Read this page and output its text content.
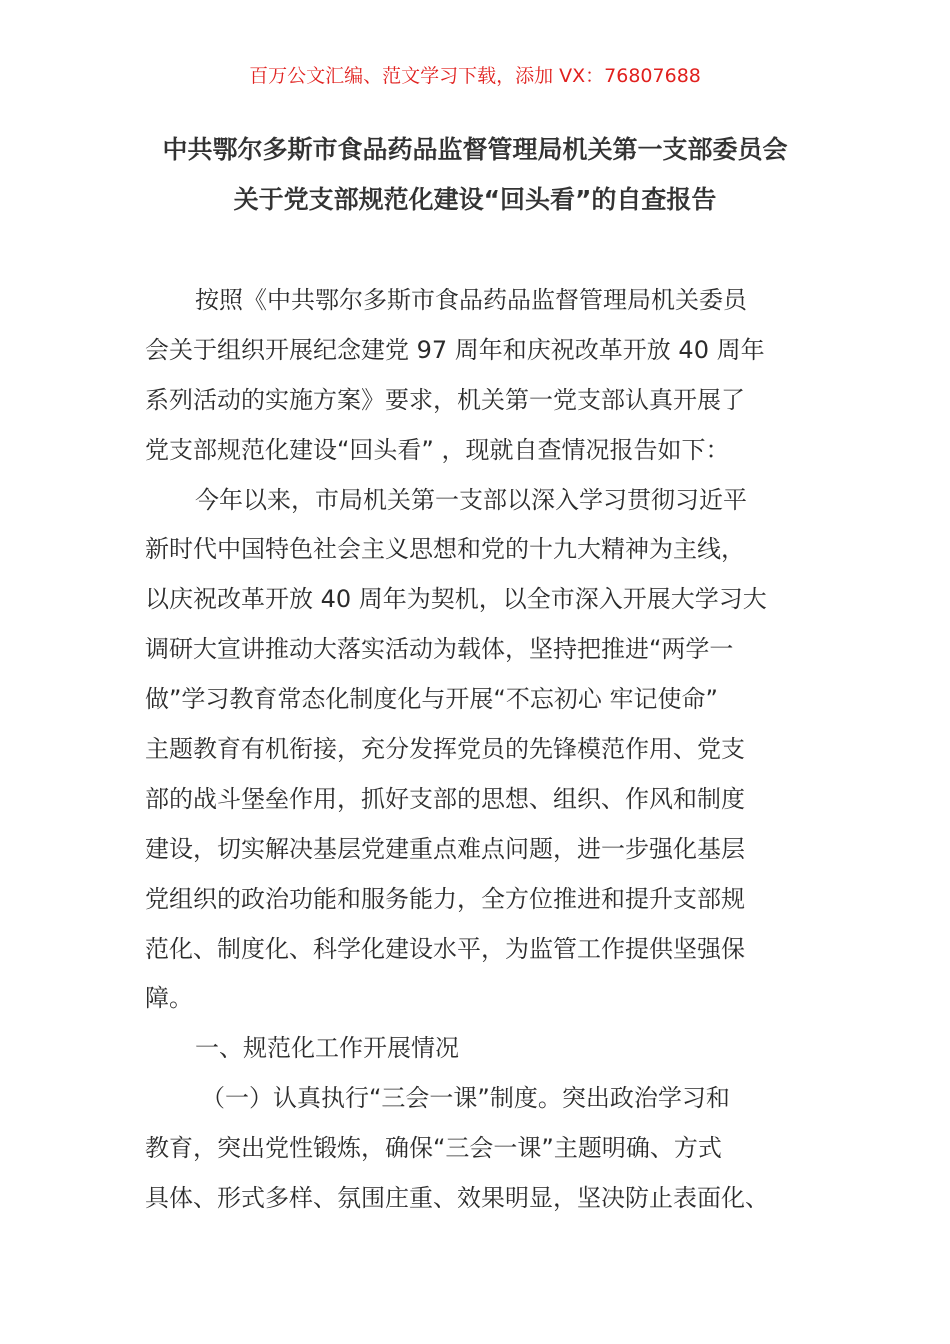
百万公文汇编、范文学习下载，添加 VX：76807688
中共鄂尔多斯市食品药品监督管理局机关第一支部委员会
关于党支部规范化建设“回头看”的自查报告
按照《中共鄂尔多斯市食品药品监督管理局机关委员
会关于组织开展纪念建党 97 周年和庆祝改革开放 40 周年
系列活动的实施方案》要求，机关第一党支部认真开展了
党支部规范化建设“回头看” ，现就自查情况报告如下：
今年以来，市局机关第一支部以深入学习贯彻习近平
新时代中国特色社会主义思想和党的十九大精神为主线，
以庆祝改革开放 40 周年为契机，以全市深入开展大学习大
调研大宣讲推动大落实活动为载体，坚持把推进“两学一
做”学习教育常态化制度化与开展“不忘初心 牢记使命”
主题教育有机衔接，充分发挥党员的先锋模范作用、党支
部的战斗堡垒作用，抓好支部的思想、组织、作风和制度
建设，切实解决基层党建重点难点问题，进一步强化基层
党组织的政治功能和服务能力，全方位推进和提升支部规
范化、制度化、科学化建设水平，为监管工作提供坚强保
障。
一、规范化工作开展情况
（一）认真执行“三会一课”制度。突出政治学习和
教育，突出党性锻炼，确保“三会一课”主题明确、方式
具体、形式多样、氛围庄重、效果明显，坚决防止表面化、
